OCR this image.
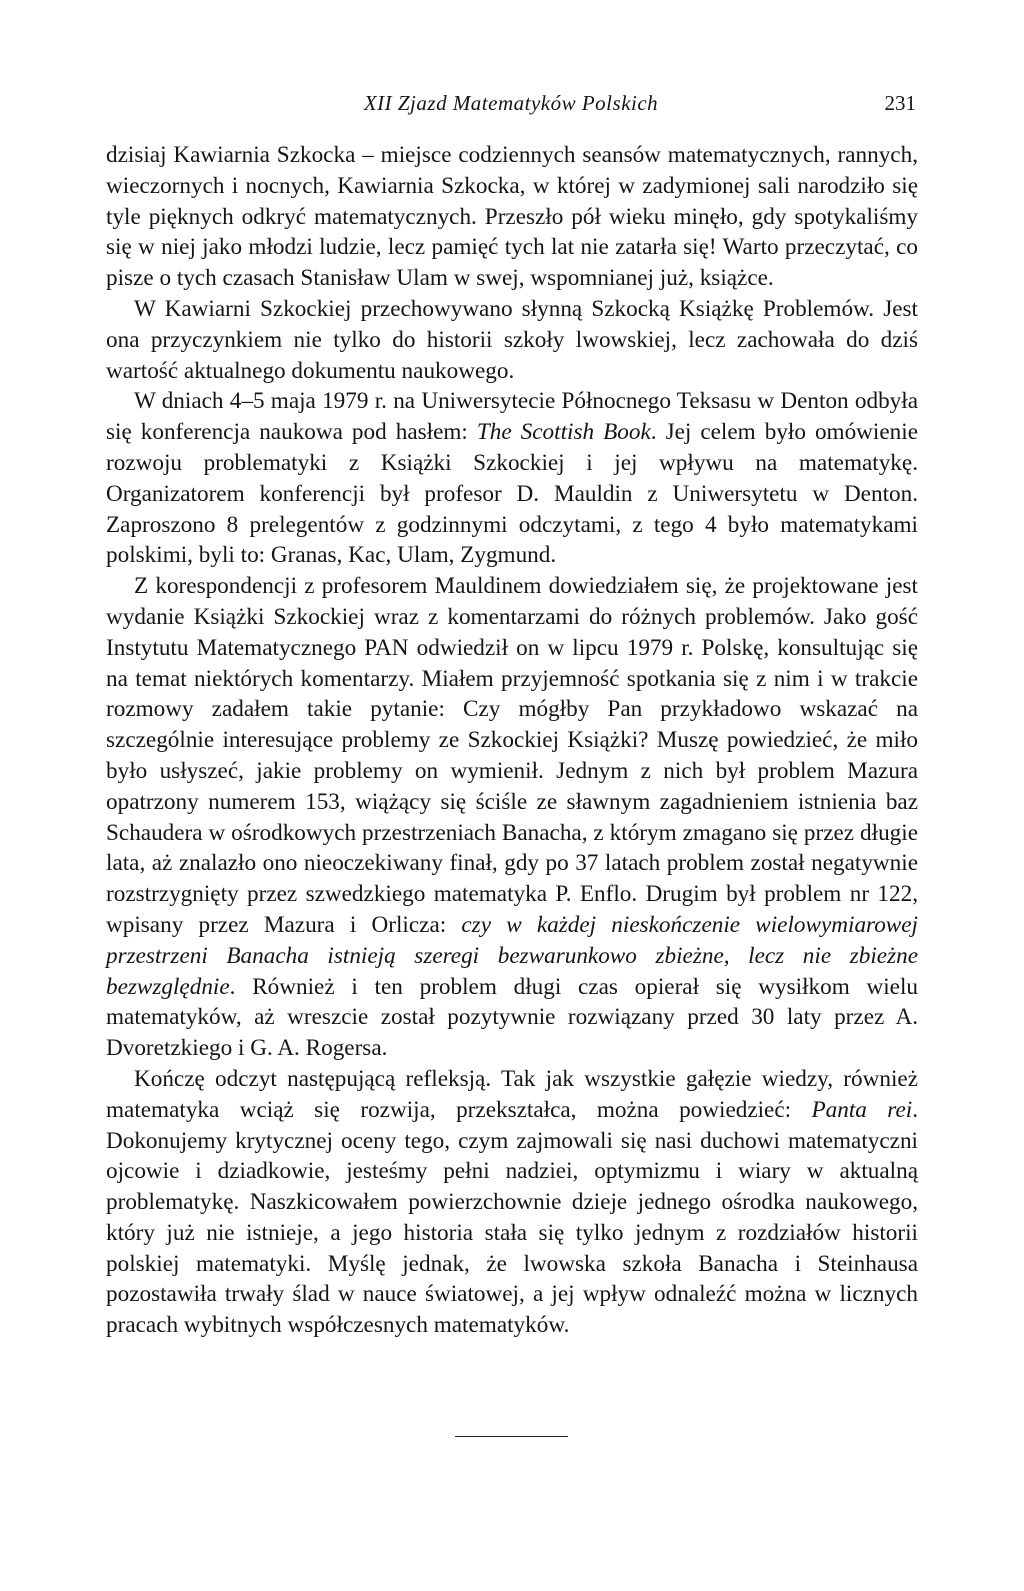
XII Zjazd Matematyków Polskich	231

dzisiaj Kawiarnia Szkocka – miejsce codziennych seansów matematycznych, rannych, wieczornych i nocnych, Kawiarnia Szkocka, w której w zadymionej sali narodziło się tyle pięknych odkryć matematycznych. Przeszło pół wieku minęło, gdy spotykaliśmy się w niej jako młodzi ludzie, lecz pamięć tych lat nie zatarła się! Warto przeczytać, co pisze o tych czasach Stanisław Ulam w swej, wspomnianej już, książce.

W Kawiarni Szkockiej przechowywano słynną Szkocką Książkę Problemów. Jest ona przyczynkiem nie tylko do historii szkoły lwowskiej, lecz zachowała do dziś wartość aktualnego dokumentu naukowego.

W dniach 4–5 maja 1979 r. na Uniwersytecie Północnego Teksasu w Denton odbyła się konferencja naukowa pod hasłem: The Scottish Book. Jej celem było omówienie rozwoju problematyki z Książki Szkockiej i jej wpływu na matematykę. Organizatorem konferencji był profesor D. Mauldin z Uniwersytetu w Denton. Zaproszono 8 prelegentów z godzinnymi odczytami, z tego 4 było matematykami polskimi, byli to: Granas, Kac, Ulam, Zygmund.

Z korespondencji z profesorem Mauldinem dowiedziałem się, że projektowane jest wydanie Książki Szkockiej wraz z komentarzami do różnych problemów. Jako gość Instytutu Matematycznego PAN odwiedził on w lipcu 1979 r. Polskę, konsultując się na temat niektórych komentarzy. Miałem przyjemność spotkania się z nim i w trakcie rozmowy zadałem takie pytanie: Czy mógłby Pan przykładowo wskazać na szczególnie interesujące problemy ze Szkockiej Książki? Muszę powiedzieć, że miło było usłyszeć, jakie problemy on wymienił. Jednym z nich był problem Mazura opatrzony numerem 153, wiążący się ściśle ze sławnym zagadnieniem istnienia baz Schaudera w ośrodkowych przestrzeniach Banacha, z którym zmagano się przez długie lata, aż znalazło ono nieoczekiwany finał, gdy po 37 latach problem został negatywnie rozstrzygnięty przez szwedzkiego matematyka P. Enflo. Drugim był problem nr 122, wpisany przez Mazura i Orlicza: czy w każdej nieskończenie wielowymiarowej przestrzeni Banacha istnieją szeregi bezwarunkowo zbieżne, lecz nie zbieżne bezwzględnie. Również i ten problem długi czas opierał się wysiłkom wielu matematyków, aż wreszcie został pozytywnie rozwiązany przed 30 laty przez A. Dvoretzkiego i G. A. Rogersa.

Kończę odczyt następującą refleksją. Tak jak wszystkie gałęzie wiedzy, również matematyka wciąż się rozwija, przekształca, można powiedzieć: Panta rei. Dokonujemy krytycznej oceny tego, czym zajmowali się nasi duchowi matematyczni ojcowie i dziadkowie, jesteśmy pełni nadziei, optymizmu i wiary w aktualną problematykę. Naszkicowałem powierzchownie dzieje jednego ośrodka naukowego, który już nie istnieje, a jego historia stała się tylko jednym z rozdziałów historii polskiej matematyki. Myślę jednak, że lwowska szkoła Banacha i Steinhausa pozostawiła trwały ślad w nauce światowej, a jej wpływ odnaleźć można w licznych pracach wybitnych współczesnych matematyków.
